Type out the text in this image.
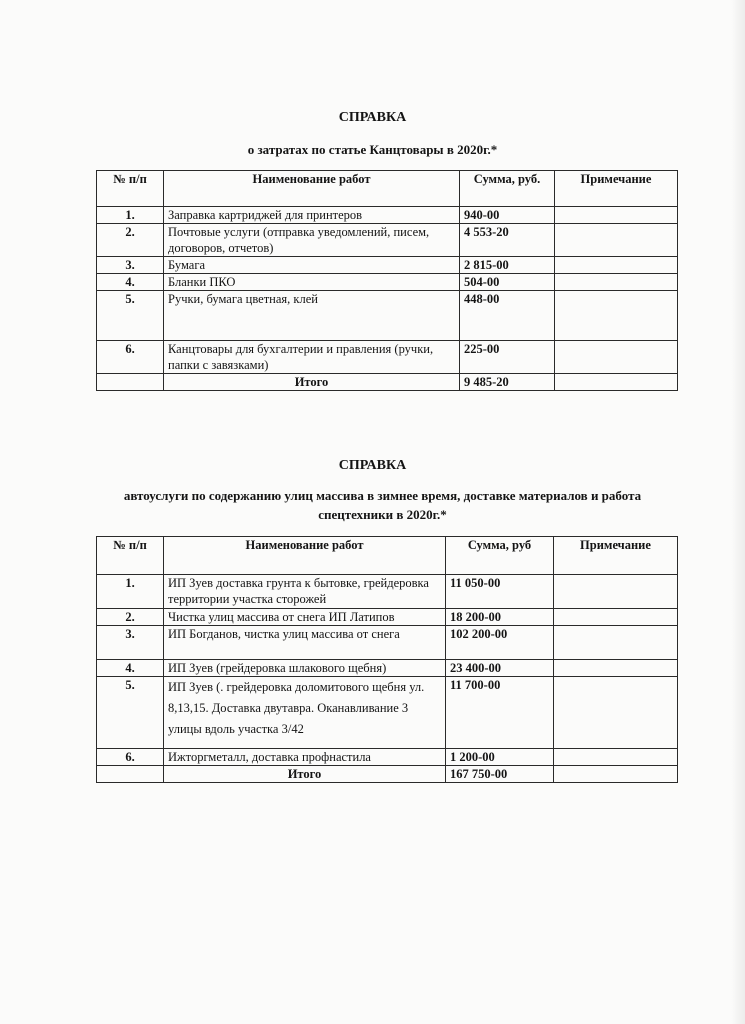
СПРАВКА
о затратах по статье Канцтовары в 2020г.*
№ п/п	Наименование работ	Сумма, руб.	Примечание
1.	Заправка картриджей для принтеров	940-00	
2.	Почтовые услуги (отправка уведомлений, писем, договоров, отчетов)	4 553-20	
3.	Бумага	2 815-00	
4.	Бланки ПКО	504-00	
5.	Ручки, бумага цветная, клей	448-00	
6.	Канцтовары для бухгалтерии и правления (ручки, папки с завязками)	225-00	
	Итого	9 485-20	
СПРАВКА
автоуслуги по содержанию улиц массива в зимнее время, доставке материалов и работа спецтехники в 2020г.*
№ п/п	Наименование работ	Сумма, руб	Примечание
1.	ИП Зуев доставка грунта к бытовке, грейдеровка территории участка сторожей	11 050-00	
2.	Чистка улиц массива от снега ИП Латипов	18 200-00	
3.	ИП Богданов, чистка улиц массива от снега	102 200-00	
4.	ИП Зуев (грейдеровка шлакового щебня)	23 400-00	
5.	ИП Зуев (. грейдеровка доломитового щебня ул. 8,13,15. Доставка двутавра. Оканавливание 3 улицы вдоль участка 3/42	11 700-00	
6.	Ижторгметалл, доставка профнастила	1 200-00	
	Итого	167 750-00	
